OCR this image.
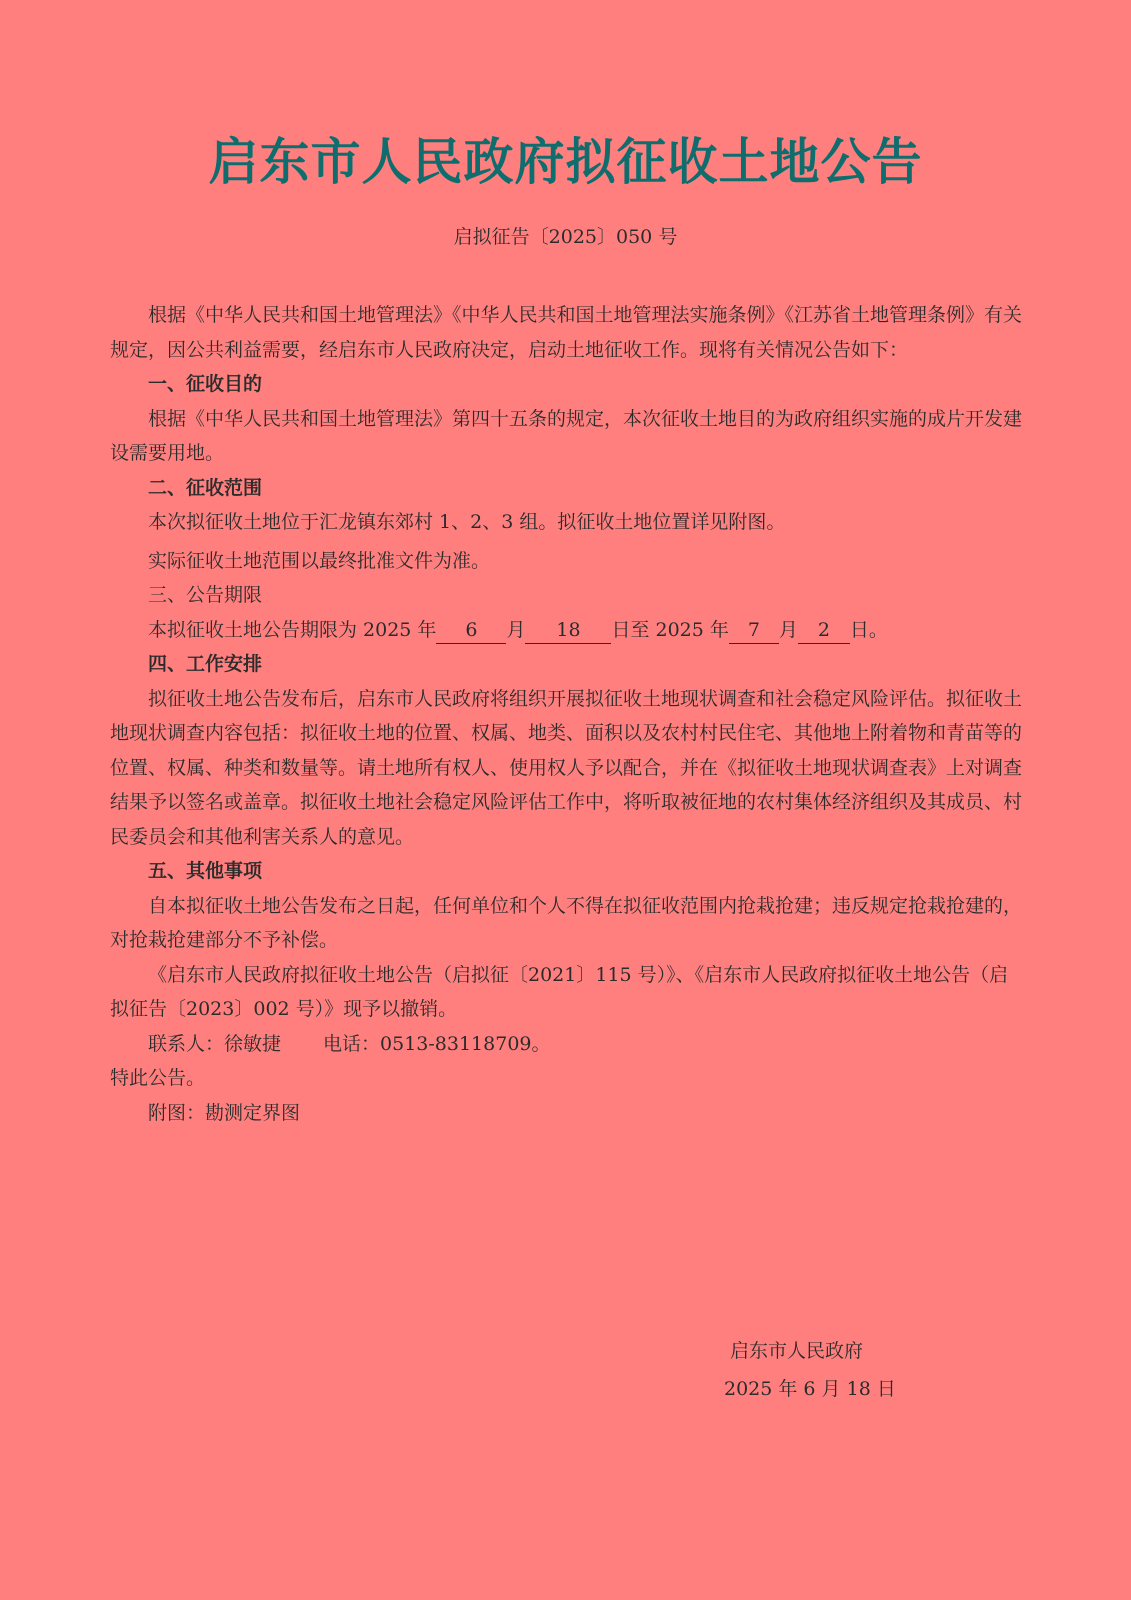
启东市人民政府拟征收土地公告
启拟征告〔2025〕050 号

根据《中华人民共和国土地管理法》《中华人民共和国土地管理法实施条例》《江苏省土地管理条例》有关规定，因公共利益需要，经启东市人民政府决定，启动土地征收工作。现将有关情况公告如下：

一、征收目的

根据《中华人民共和国土地管理法》第四十五条的规定，本次征收土地目的为政府组织实施的成片开发建设需要用地。

二、征收范围

本次拟征收土地位于汇龙镇东郊村 1、2、3 组。拟征收土地位置详见附图。

实际征收土地范围以最终批准文件为准。

三、公告期限

本拟征收土地公告期限为 2025 年 6 月 18 日至 2025 年 7 月 2 日。

四、工作安排

拟征收土地公告发布后，启东市人民政府将组织开展拟征收土地现状调查和社会稳定风险评估。拟征收土地现状调查内容包括：拟征收土地的位置、权属、地类、面积以及农村村民住宅、其他地上附着物和青苗等的位置、权属、种类和数量等。请土地所有权人、使用权人予以配合，并在《拟征收土地现状调查表》上对调查结果予以签名或盖章。拟征收土地社会稳定风险评估工作中，将听取被征地的农村集体经济组织及其成员、村民委员会和其他利害关系人的意见。

五、其他事项

自本拟征收土地公告发布之日起，任何单位和个人不得在拟征收范围内抢栽抢建；违反规定抢栽抢建的，对抢栽抢建部分不予补偿。

《启东市人民政府拟征收土地公告（启拟征〔2021〕115 号）》、《启东市人民政府拟征收土地公告（启拟征告〔2023〕002 号）》现予以撤销。

联系人：徐敏捷 电话：0513-83118709。

特此公告。

附图：勘测定界图

启东市人民政府
2025 年 6 月 18 日
